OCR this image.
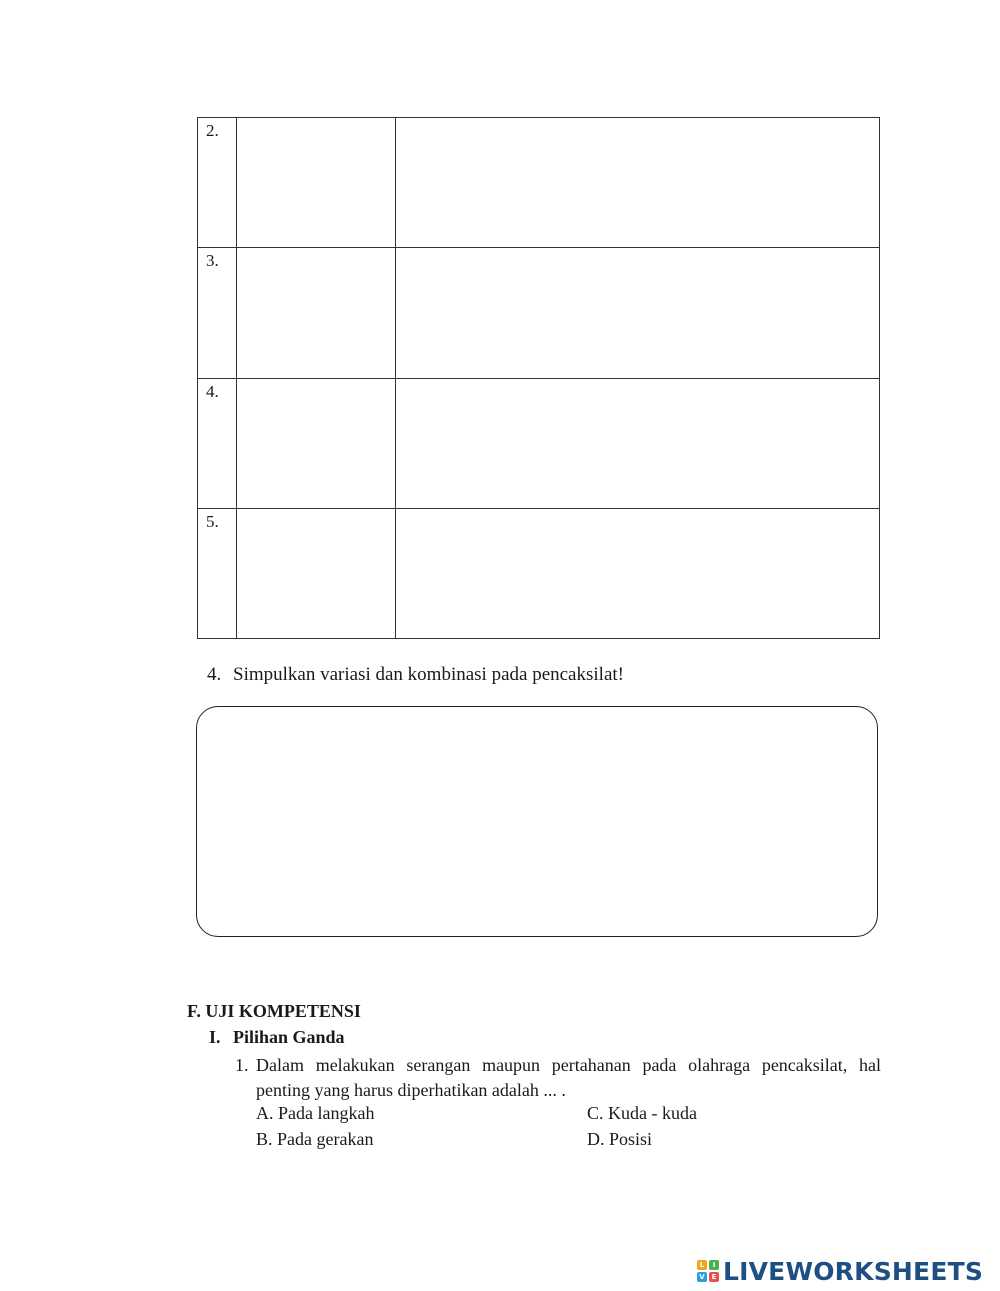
2.		

3.		

4.		

5.		

4. Simpulkan variasi dan kombinasi pada pencaksilat!
F. UJI KOMPETENSI
I. Pilihan Ganda
1. Dalam melakukan serangan maupun pertahanan pada olahraga pencaksilat, hal penting yang harus diperhatikan adalah ... .
A. Pada langkah
B. Pada gerakan
C. Kuda - kuda
D. Posisi
L	I
V E LIVEWORKSHEETS
